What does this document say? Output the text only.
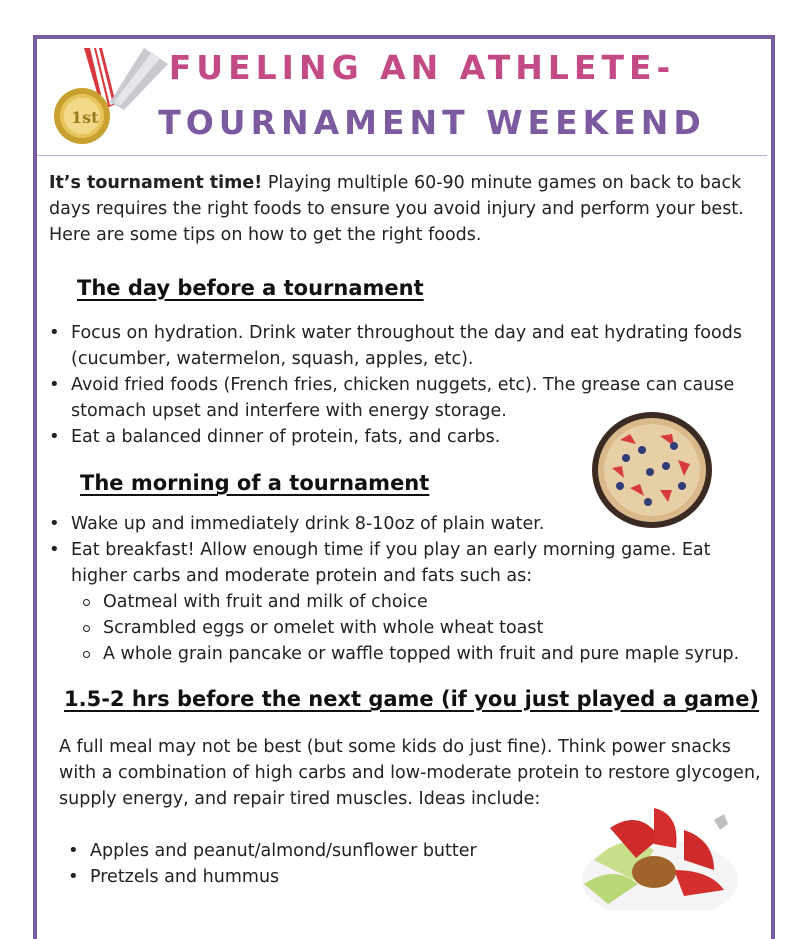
1st
FUELING AN ATHLETE-
TOURNAMENT WEEKEND
It’s tournament time! Playing multiple 60-90 minute games on back to back days requires the right foods to ensure you avoid injury and perform your best. Here are some tips on how to get the right foods.
The day before a tournament
• Focus on hydration. Drink water throughout the day and eat hydrating foods (cucumber, watermelon, squash, apples, etc).
• Avoid fried foods (French fries, chicken nuggets, etc). The grease can cause stomach upset and interfere with energy storage.
• Eat a balanced dinner of protein, fats, and carbs.
The morning of a tournament
• Wake up and immediately drink 8-10oz of plain water.
• Eat breakfast! Allow enough time if you play an early morning game. Eat higher carbs and moderate protein and fats such as:
Oatmeal with fruit and milk of choice
Scrambled eggs or omelet with whole wheat toast
A whole grain pancake or waffle topped with fruit and pure maple syrup.
1.5-2 hrs before the next game (if you just played a game)
A full meal may not be best (but some kids do just fine). Think power snacks with a combination of high carbs and low-moderate protein to restore glycogen, supply energy, and repair tired muscles. Ideas include:
• Apples and peanut/almond/sunflower butter
• Pretzels and hummus
